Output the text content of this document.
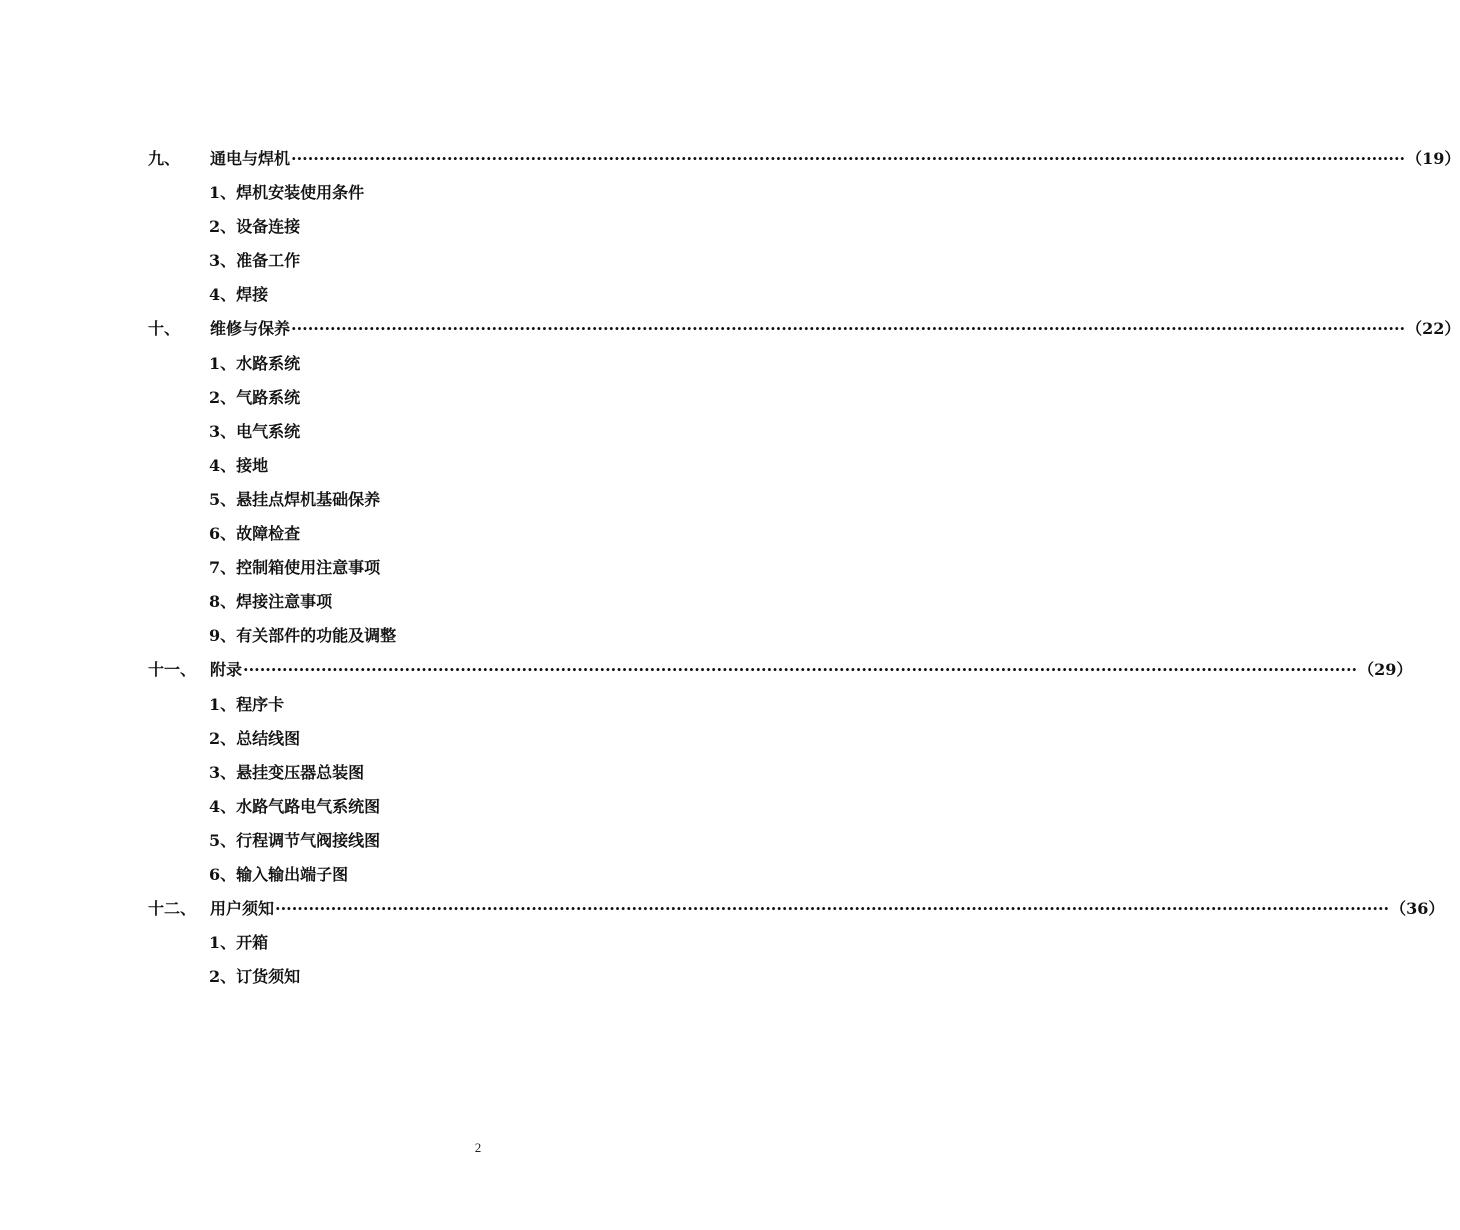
九、 通电与焊机 ········································································································································································································ （19）
1、焊机安装使用条件
2、设备连接
3、准备工作
4、焊接
十、 维修与保养 ········································································································································································································ （22）
1、水路系统
2、气路系统
3、电气系统
4、接地
5、悬挂点焊机基础保养
6、故障检查
7、控制箱使用注意事项
8、焊接注意事项
9、有关部件的功能及调整
十一、 附录 ········································································································································································································ （29）
1、程序卡
2、总结线图
3、悬挂变压器总装图
4、水路气路电气系统图
5、行程调节气阀接线图
6、输入输出端子图
十二、 用户须知 ········································································································································································································ （36）
1、开箱
2、订货须知
2
